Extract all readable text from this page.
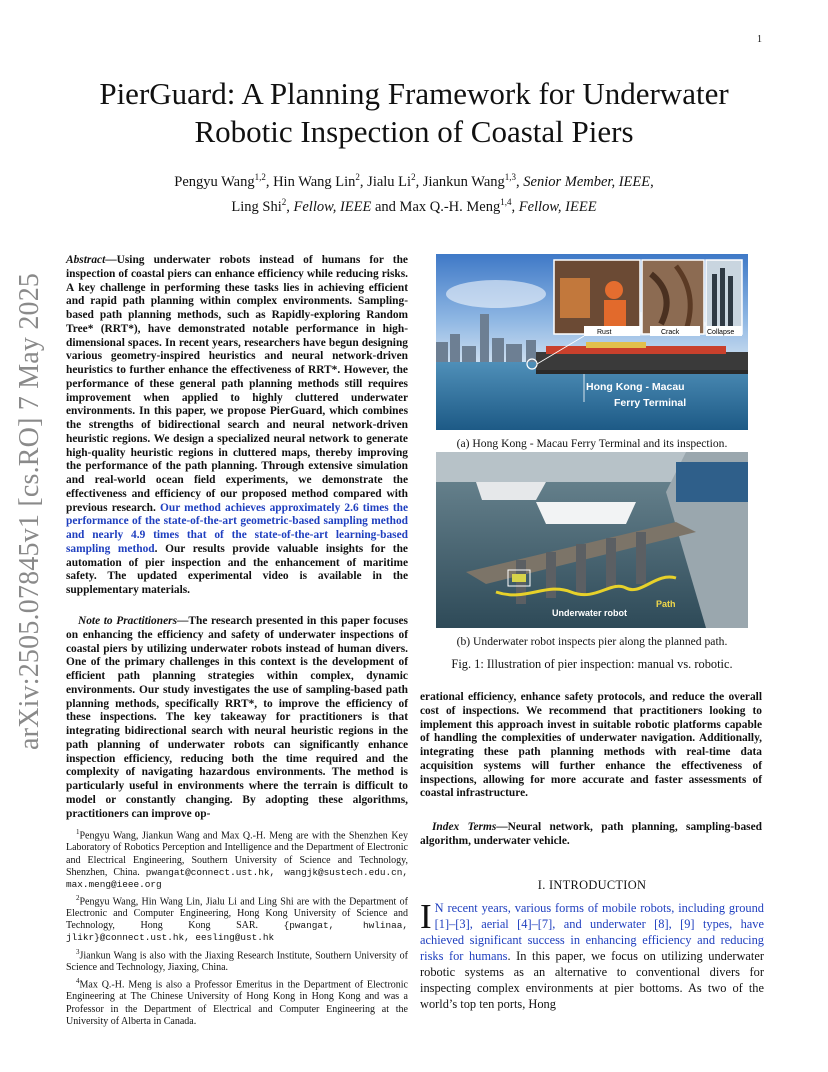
1
arXiv:2505.07845v1 [cs.RO] 7 May 2025
PierGuard: A Planning Framework for Underwater
Robotic Inspection of Coastal Piers
Pengyu Wang$^{1,2}$, Hin Wang Lin$^2$, Jialu Li$^2$, Jiankun Wang$^{1,3}$, Senior Member, IEEE,
Ling Shi$^2$, Fellow, IEEE and Max Q.-H. Meng$^{1,4}$, Fellow, IEEE
Abstract—Using underwater robots instead of humans for the inspection of coastal piers can enhance efficiency while reducing risks. A key challenge in performing these tasks lies in achieving efficient and rapid path planning within complex environments. Sampling-based path planning methods, such as Rapidly-exploring Random Tree* (RRT*), have demonstrated notable performance in high-dimensional spaces. In recent years, researchers have begun designing various geometry-inspired heuristics and neural network-driven heuristics to further enhance the effectiveness of RRT*. However, the performance of these general path planning methods still requires improvement when applied to highly cluttered underwater environments. In this paper, we propose PierGuard, which combines the strengths of bidirectional search and neural network-driven heuristic regions. We design a specialized neural network to generate high-quality heuristic regions in cluttered maps, thereby improving the performance of the path planning. Through extensive simulation and real-world ocean field experiments, we demonstrate the effectiveness and efficiency of our proposed method compared with previous research. Our method achieves approximately 2.6 times the performance of the state-of-the-art geometric-based sampling method and nearly 4.9 times that of the state-of-the-art learning-based sampling method. Our results provide valuable insights for the automation of pier inspection and the enhancement of maritime safety. The updated experimental video is available in the supplementary materials.
Note to Practitioners—The research presented in this paper focuses on enhancing the efficiency and safety of underwater inspections of coastal piers by utilizing underwater robots instead of human divers. One of the primary challenges in this context is the development of efficient path planning strategies within complex, dynamic environments. Our study investigates the use of sampling-based path planning methods, specifically RRT*, to improve the efficiency of these inspections. The key takeaway for practitioners is that integrating bidirectional search with neural heuristic regions in the path planning of underwater robots can significantly enhance inspection efficiency, reducing both the time required and the complexity of navigating hazardous environments. The method is particularly useful in environments where the terrain is difficult to model or constantly changing. By adopting these algorithms, practitioners can improve op-

$^1$Pengyu Wang, Jiankun Wang and Max Q.-H. Meng are with the Shenzhen Key Laboratory of Robotics Perception and Intelligence and the Department of Electronic and Electrical Engineering, Southern University of Science and Technology, Shenzhen, China. pwangat@connect.ust.hk, wangjk@sustech.edu.cn, max.meng@ieee.org

$^2$Pengyu Wang, Hin Wang Lin, Jialu Li and Ling Shi are with the Department of Electronic and Computer Engineering, Hong Kong University of Science and Technology, Hong Kong SAR. {pwangat, hwlinaa, jlikr}@connect.ust.hk, eesling@ust.hk

$^3$Jiankun Wang is also with the Jiaxing Research Institute, Southern University of Science and Technology, Jiaxing, China.

$^4$Max Q.-H. Meng is also a Professor Emeritus in the Department of Electronic Engineering at The Chinese University of Hong Kong in Hong Kong and was a Professor in the Department of Electrical and Computer Engineering at the University of Alberta in Canada.

Rust	Crack	Collapse
Hong Kong - Macau
Ferry Terminal
(a) Hong Kong - Macau Ferry Terminal and its inspection.
Underwater robot
Path
(b) Underwater robot inspects pier along the planned path.
Fig. 1: Illustration of pier inspection: manual vs. robotic.
erational efficiency, enhance safety protocols, and reduce the overall cost of inspections. We recommend that practitioners looking to implement this approach invest in suitable robotic platforms capable of handling the complexities of underwater navigation. Additionally, integrating these path planning methods with real-time data acquisition systems will further enhance the effectiveness of inspections, allowing for more accurate and faster assessments of coastal infrastructure.
Index Terms—Neural network, path planning, sampling-based algorithm, underwater vehicle.
I. INTRODUCTION
I N recent years, various forms of mobile robots, including ground [1]–[3], aerial [4]–[7], and underwater [8], [9] types, have achieved significant success in enhancing efficiency and reducing risks for humans. In this paper, we focus on utilizing underwater robotic systems as an alternative to conventional divers for inspecting complex environments at pier bottoms. As two of the world’s top ten ports, Hong
